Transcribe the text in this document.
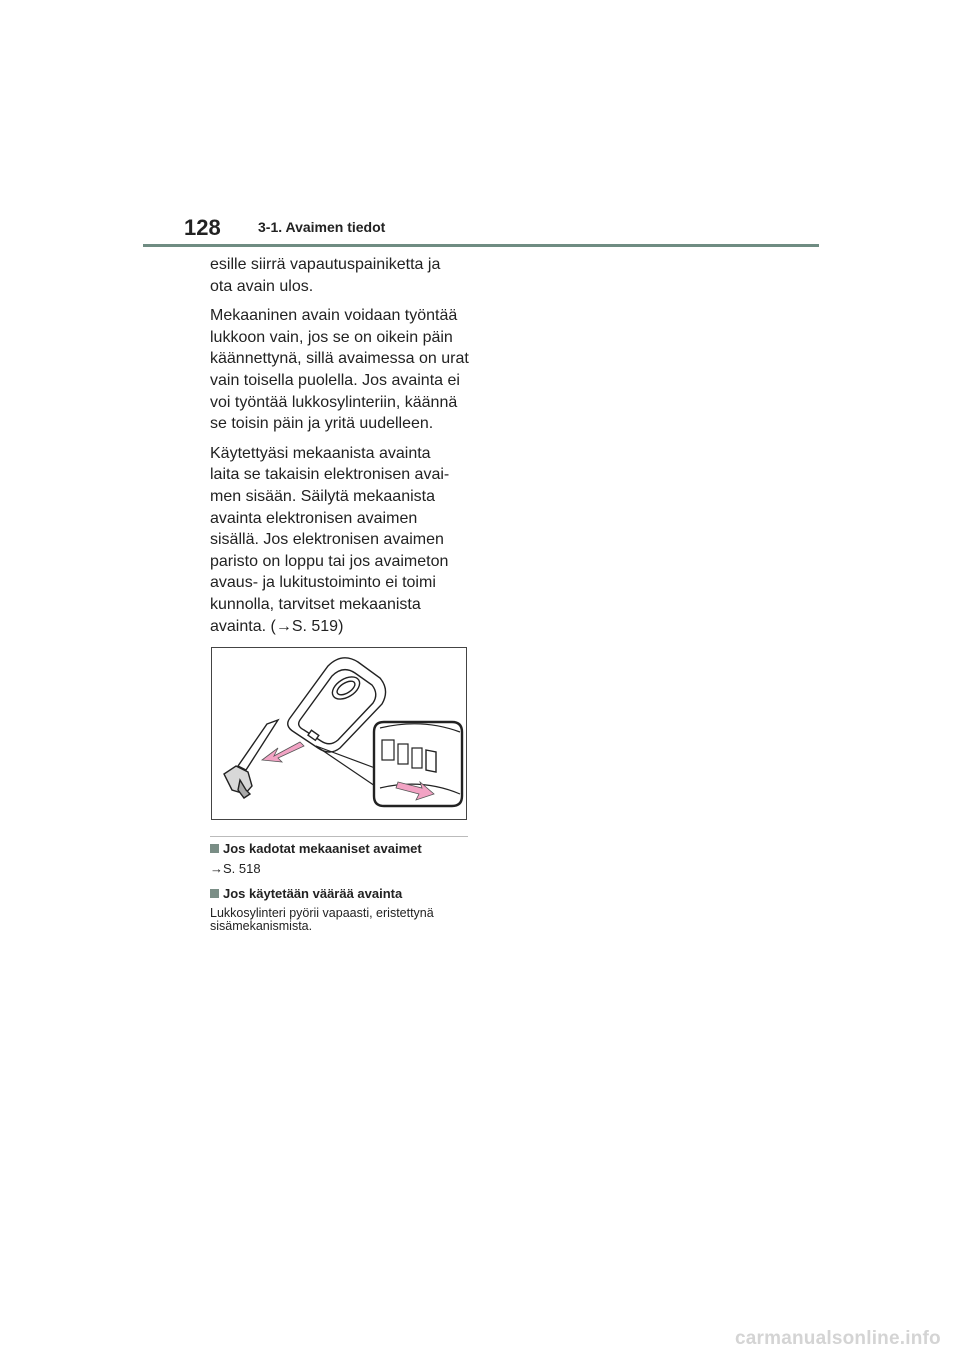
128	3-1. Avaimen tiedot

esille siirrä vapautuspainiketta ja
ota avain ulos.

Mekaaninen avain voidaan työntää
lukkoon vain, jos se on oikein päin
käännettynä, sillä avaimessa on urat
vain toisella puolella. Jos avainta ei
voi työntää lukkosylinteriin, käännä
se toisin päin ja yritä uudelleen.

Käytettyäsi mekaanista avainta
laita se takaisin elektronisen avai-
men sisään. Säilytä mekaanista
avainta elektronisen avaimen
sisällä. Jos elektronisen avaimen
paristo on loppu tai jos avaimeton
avaus- ja lukitustoiminto ei toimi
kunnolla, tarvitset mekaanista
avainta. (→S. 519)

Jos kadotat mekaaniset avaimet
→S. 518
Jos käytetään väärää avainta
Lukkosylinteri pyörii vapaasti, eristettynä sisämekanismista.
carmanualsonline.info
